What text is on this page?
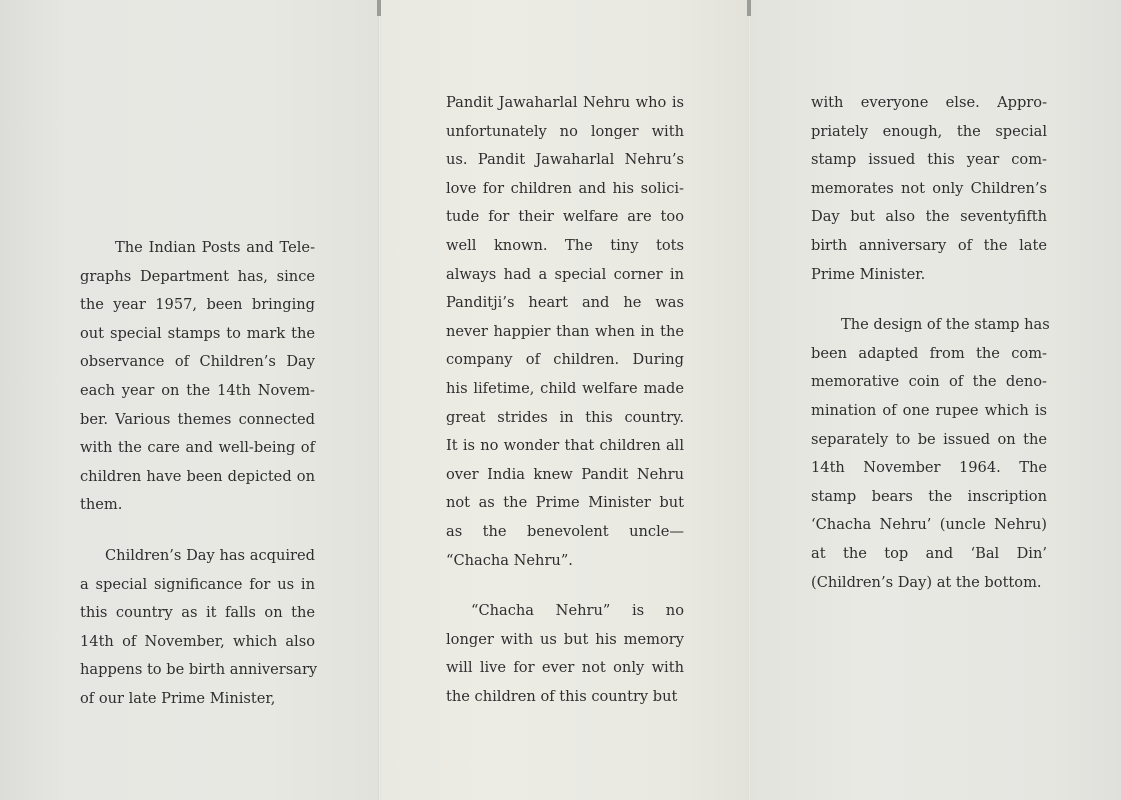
The Indian Posts and Tele-
graphs Department has, since
the year 1957, been bringing
out special stamps to mark the
observance of Children’s Day
each year on the 14th Novem-
ber. Various themes connected
with the care and well-being of
children have been depicted on
them.
Children’s Day has acquired
a special significance for us in
this country as it falls on the
14th of November, which also
happens to be birth anniversary
of our late Prime Minister,
Pandit Jawaharlal Nehru who is
unfortunately no longer with
us. Pandit Jawaharlal Nehru’s
love for children and his solici-
tude for their welfare are too
well known. The tiny tots
always had a special corner in
Panditji’s heart and he was
never happier than when in the
company of children. During
his lifetime, child welfare made
great strides in this country.
It is no wonder that children all
over India knew Pandit Nehru
not as the Prime Minister but
as the benevolent uncle—
“Chacha Nehru”.
“Chacha Nehru” is no
longer with us but his memory
will live for ever not only with
the children of this country but
with everyone else. Appro-
priately enough, the special
stamp issued this year com-
memorates not only Children’s
Day but also the seventyfifth
birth anniversary of the late
Prime Minister.
The design of the stamp has
been adapted from the com-
memorative coin of the deno-
mination of one rupee which is
separately to be issued on the
14th November 1964. The
stamp bears the inscription
‘Chacha Nehru’ (uncle Nehru)
at the top and ‘Bal Din’
(Children’s Day) at the bottom.
